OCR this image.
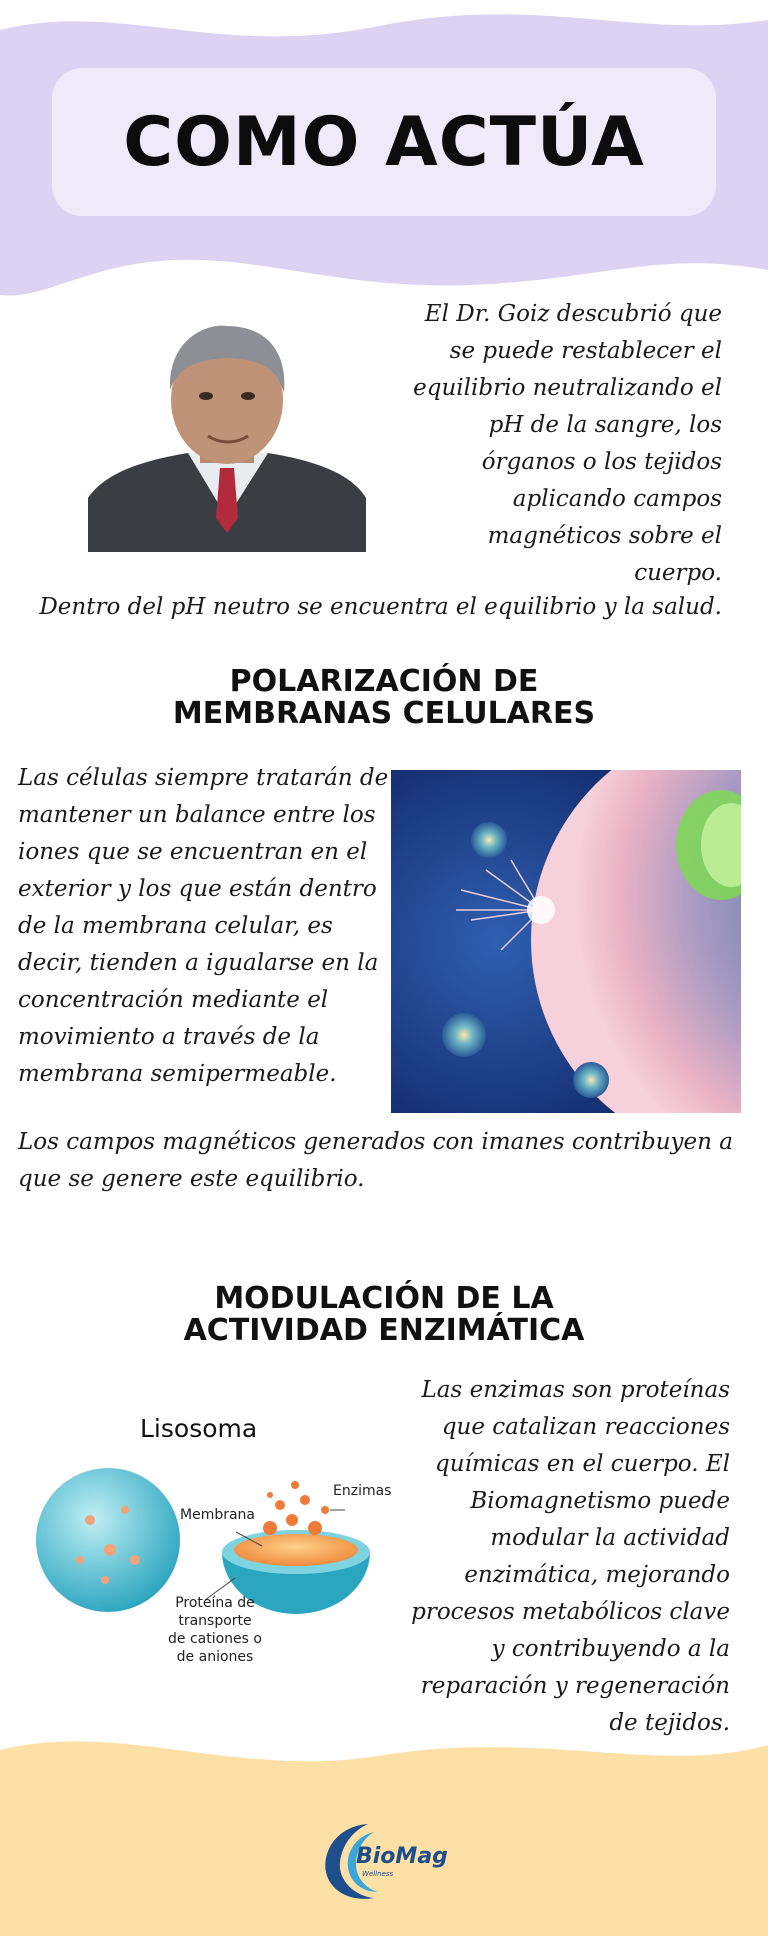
COMO ACTÚA
El Dr. Goiz descubrió que se puede restablecer el equilibrio neutralizando el pH de la sangre, los órganos o los tejidos aplicando campos magnéticos sobre el cuerpo.
Dentro del pH neutro se encuentra el equilibrio y la salud.
POLARIZACIÓN DE
MEMBRANAS CELULARES
Las células siempre tratarán de mantener un balance entre los iones que se encuentran en el exterior y los que están dentro de la membrana celular, es decir, tienden a igualarse en la concentración mediante el movimiento a través de la membrana semipermeable.
Los campos magnéticos generados con imanes contribuyen a que se genere este equilibrio.
MODULACIÓN DE LA
ACTIVIDAD ENZIMÁTICA
Las enzimas son proteínas que catalizan reacciones químicas en el cuerpo. El Biomagnetismo puede modular la actividad enzimática, mejorando procesos metabólicos clave y contribuyendo a la reparación y regeneración de tejidos.
Lisosoma
Membrana
Enzimas
Proteína de
transporte
de cationes o
de aniones
BioMag
Wellness
